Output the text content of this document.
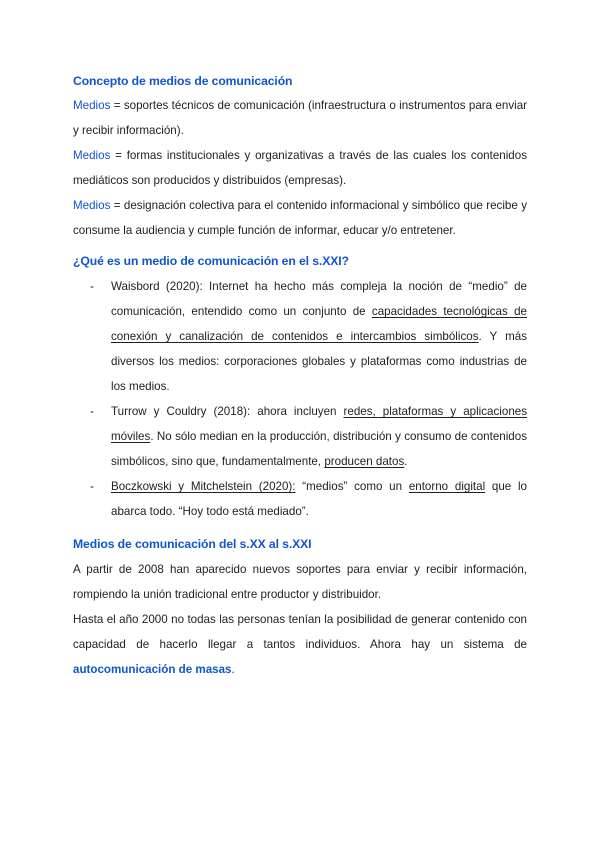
Concepto de medios de comunicación

Medios = soportes técnicos de comunicación (infraestructura o instrumentos para enviar y recibir información).

Medios = formas institucionales y organizativas a través de las cuales los contenidos mediáticos son producidos y distribuidos (empresas).

Medios = designación colectiva para el contenido informacional y simbólico que recibe y consume la audiencia y cumple función de informar, educar y/o entretener.

¿Qué es un medio de comunicación en el s.XXI?
- Waisbord (2020): Internet ha hecho más compleja la noción de “medio” de comunicación, entendido como un conjunto de capacidades tecnológicas de conexión y canalización de contenidos e intercambios simbólicos. Y más diversos los medios: corporaciones globales y plataformas como industrias de los medios.
- Turrow y Couldry (2018): ahora incluyen redes, plataformas y aplicaciones móviles. No sólo median en la producción, distribución y consumo de contenidos simbólicos, sino que, fundamentalmente, producen datos.
- Boczkowski y Mitchelstein (2020): “medios” como un entorno digital que lo abarca todo. “Hoy todo está mediado”.
Medios de comunicación del s.XX al s.XXI

A partir de 2008 han aparecido nuevos soportes para enviar y recibir información, rompiendo la unión tradicional entre productor y distribuidor.

Hasta el año 2000 no todas las personas tenían la posibilidad de generar contenido con capacidad de hacerlo llegar a tantos individuos. Ahora hay un sistema de autocomunicación de masas.
